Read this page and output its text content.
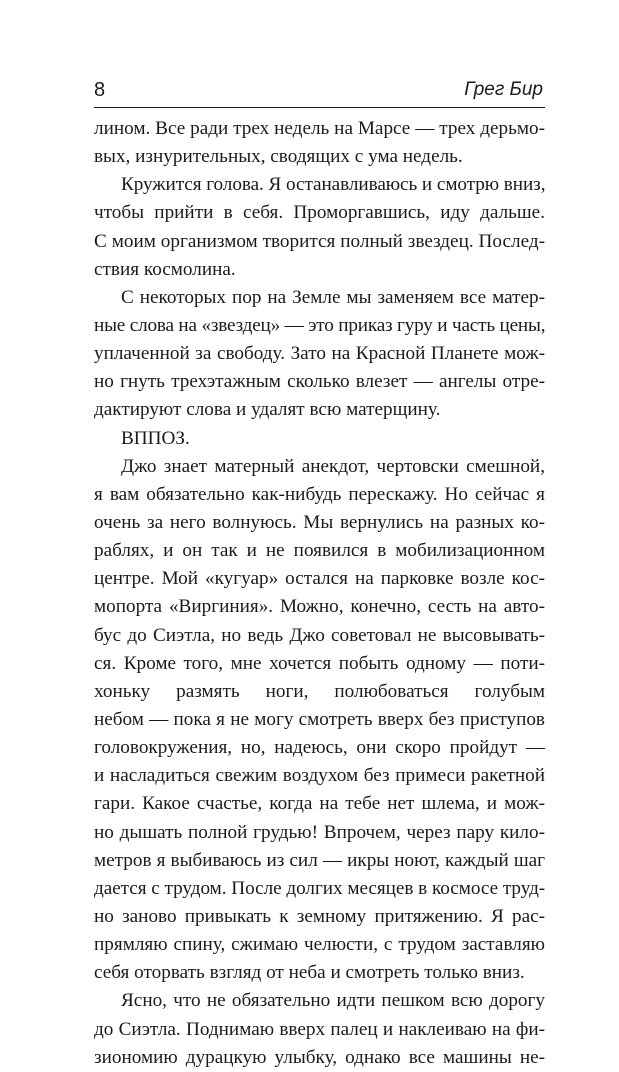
8	Грег Бир
лином. Все ради трех недель на Марсе — трех дерьмо-
вых, изнурительных, сводящих с ума недель.
Кружится голова. Я останавливаюсь и смотрю вниз,
чтобы прийти в себя. Проморгавшись, иду дальше.
С моим организмом творится полный звездец. Послед-
ствия космолина.
С некоторых пор на Земле мы заменяем все матер-
ные слова на «звездец» — это приказ гуру и часть цены,
уплаченной за свободу. Зато на Красной Планете мож-
но гнуть трехэтажным сколько влезет — ангелы отре-
дактируют слова и удалят всю матерщину.
ВППОЗ.
Джо знает матерный анекдот, чертовски смешной,
я вам обязательно как-нибудь перескажу. Но сейчас я
очень за него волнуюсь. Мы вернулись на разных ко-
раблях, и он так и не появился в мобилизационном
центре. Мой «кугуар» остался на парковке возле кос-
мопорта «Виргиния». Можно, конечно, сесть на авто-
бус до Сиэтла, но ведь Джо советовал не высовывать-
ся. Кроме того, мне хочется побыть одному — поти-
хоньку размять ноги, полюбоваться голубым
небом — пока я не могу смотреть вверх без приступов
головокружения, но, надеюсь, они скоро пройдут —
и насладиться свежим воздухом без примеси ракетной
гари. Какое счастье, когда на тебе нет шлема, и мож-
но дышать полной грудью! Впрочем, через пару кило-
метров я выбиваюсь из сил — икры ноют, каждый шаг
дается с трудом. После долгих месяцев в космосе труд-
но заново привыкать к земному притяжению. Я рас-
прямляю спину, сжимаю челюсти, с трудом заставляю
себя оторвать взгляд от неба и смотреть только вниз.
Ясно, что не обязательно идти пешком всю дорогу
до Сиэтла. Поднимаю вверх палец и наклеиваю на фи-
зиономию дурацкую улыбку, однако все машины не-
